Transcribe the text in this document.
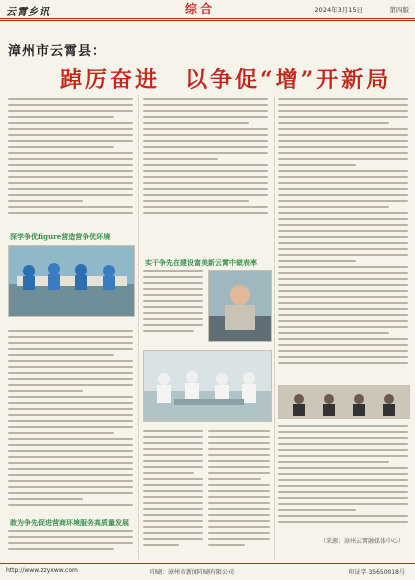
云霄乡讯	综合	2024年3月15日	第四版
漳州市云霄县：
踔厉奋进　以争促“增”开新局
深学争优figure营造营争优环境
敢为争先促进营商环境服务高质量发展
实干争先在建设富美新云霄中做表率
（来源：漳州云霄融媒体中心）
http://www.zzyxww.com	印刷：漳州市新闻印刷有限公司	印证字 35650018号
